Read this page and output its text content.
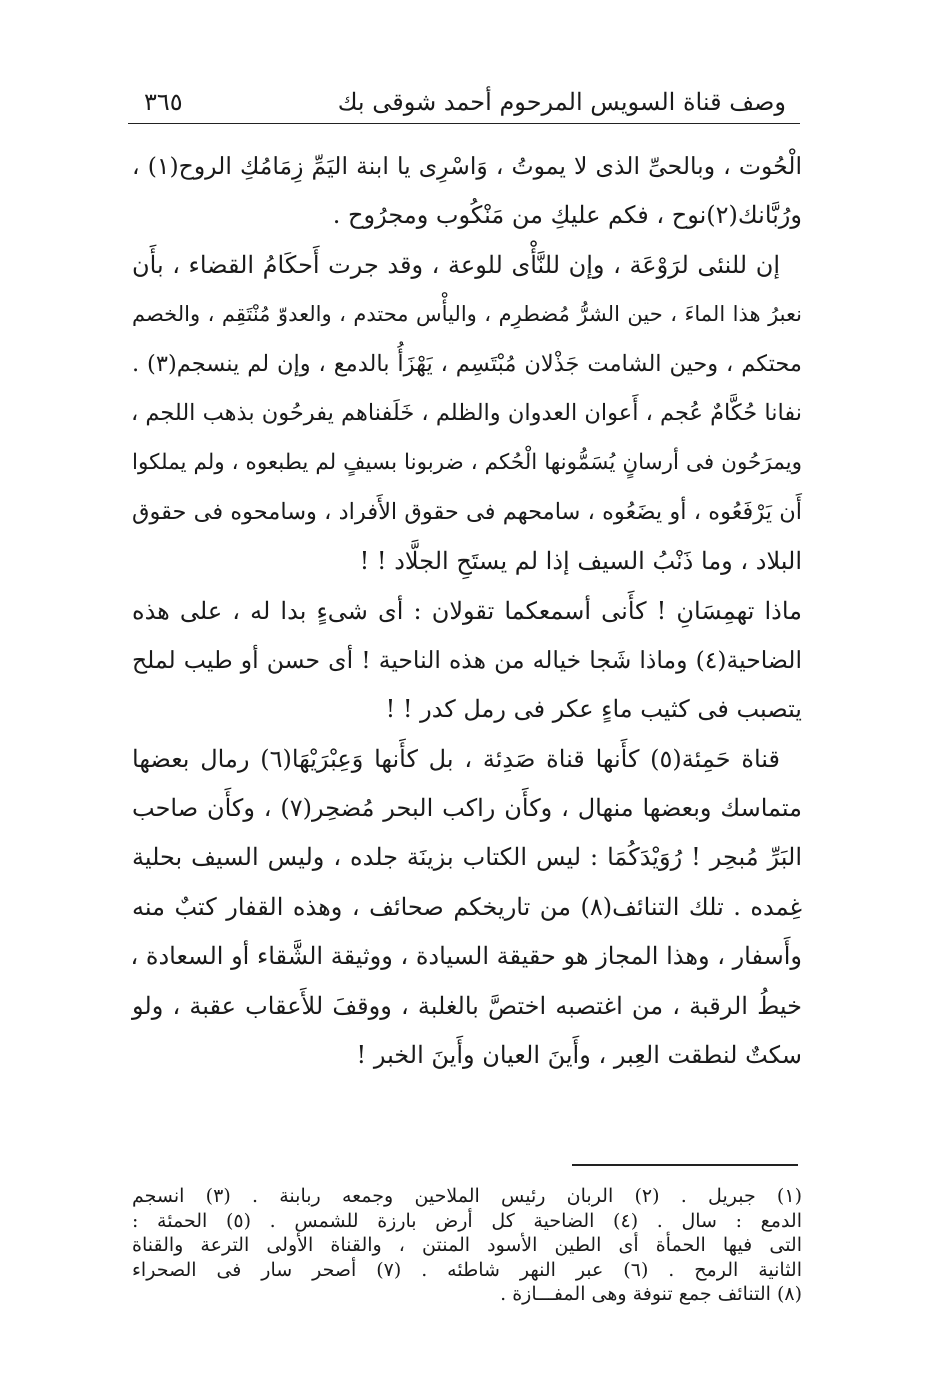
وصف قناة السويس المرحوم أحمد شوقى بك
٣٦٥
الْحُوت ، وبالحىِّ الذى لا يموتُ ، وَاسْرِى يا ابنة اليَمِّ زِمَامُكِ الروح(١) ،
ورُبَّانك(٢)نوح ، فكم عليكِ من مَنْكُوب ومجرُوح .
إن للنئى لرَوْعَة ، وإن للنَّأْى للوعة ، وقد جرت أَحكَامُ القضاء ، بأَن
نعبرُ هذا الماءَ ، حين الشرُّ مُضطرِم ، واليأْس محتدم ، والعدوّ مُنْتَقِم ، والخصم
محتكم ، وحين الشامت جَذْلان مُبْتَسِم ، يَهْزَأُ بالدمع ، وإن لم ينسجم(٣) .
نفانا حُكَّامٌ عُجم ، أَعوان العدوان والظلم ، خَلَفناهم يفرحُون بذهب اللجم ،
ويمرَحُون فى أرسانٍ يُسَمُّونها الْحُكم ، ضربونا بسيفٍ لم يطبعوه ، ولم يملكوا
أَن يَرْفَعُوه ، أو يضَعُوه ، سامحهم فى حقوق الأَفراد ، وسامحوه فى حقوق
البلاد ، وما ذَنْبُ السيف إذا لم يستَحِ الجلَّاد ! !
ماذا تهمِسَانِ ! كأَنى أسمعكما تقولان : أى شىءٍ بدا له ، على هذه
الضاحية(٤) وماذا شَجا خياله من هذه الناحية ! أى حسن أو طيب لملح
يتصبب فى كثيب ماءٍ عكر فى رمل كدر ! !
قناة حَمِئة(٥) كأَنها قناة صَدِئة ، بل كأَنها وَعِبْرَيْهَا(٦) رمال بعضها
متماسك وبعضها منهال ، وكأَن راكب البحر مُضحِر(٧) ، وكأَن صاحب
البَرِّ مُبحِر ! رُوَيْدَكُمَا : ليس الكتاب بزينَة جلده ، وليس السيف بحلية
غِمده . تلك التنائف(٨) من تاريخكم صحائف ، وهذه القفار كتبٌ منه
وأَسفار ، وهذا المجاز هو حقيقة السيادة ، ووثيقة الشَّقاء أو السعادة ،
خيطُ الرقبة ، من اغتصبه اختصَّ بالغلبة ، ووقفَ للأَعقاب عقبة ، ولو
سكتٌ لنطقت العِبر ، وأَينَ العيان وأَينَ الخبر !
(١) جبريل . (٢) الربان رئيس الملاحين وجمعه ربابنة . (٣) انسجم
الدمع : سال . (٤) الضاحية كل أرض بارزة للشمس . (٥) الحمئة :
التى فيها الحمأة أى الطين الأسود المنتن ، والقناة الأولى الترعة والقناة
الثانية الرمح . (٦) عبر النهر شاطئه . (٧) أصحر سار فى الصحراء
(٨) التنائف جمع تنوفة وهى المفـــازة .
